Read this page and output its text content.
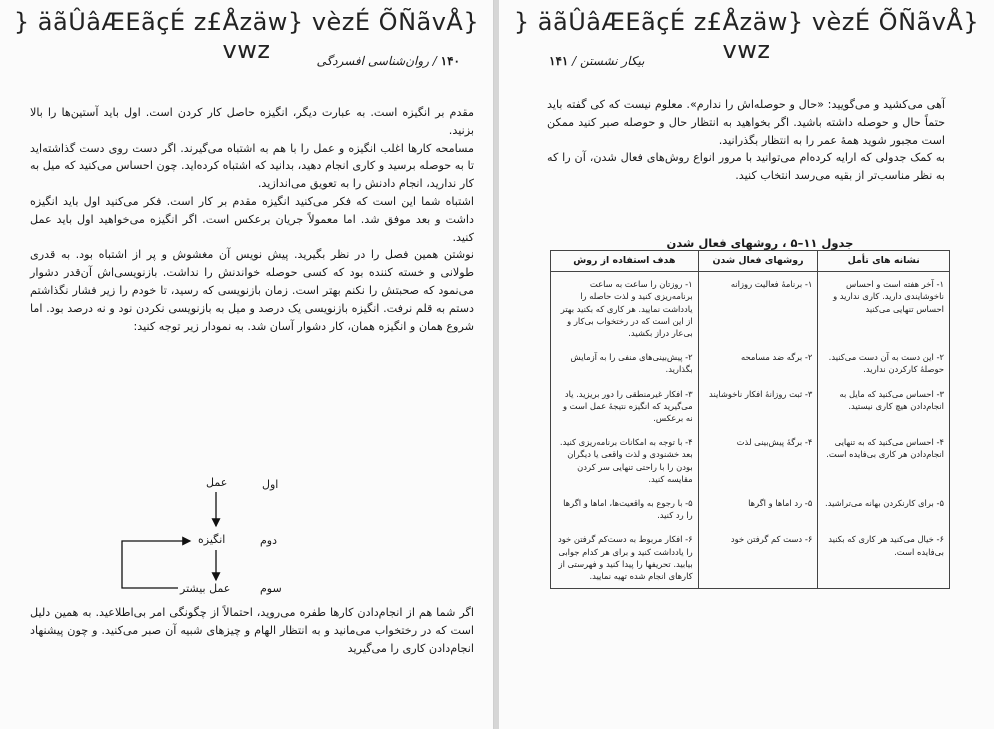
} äãÛâÆEãçÉ z£Åzäw} vèzÉ ÕÑãvÅ} vwz	۱۴۰ / روان‌شناسی افسردگی

مقدم بر انگیزه است. به عبارت دیگر، انگیزه حاصل کار کردن است. اول باید آستین‌ها را بالا بزنید.

مسامحه کارها اغلب انگیزه و عمل را با هم به اشتباه می‌گیرند. اگر دست روی دست گذاشته‌اید تا به حوصله برسید و کاری انجام دهید، بدانید که اشتباه کرده‌اید. چون احساس می‌کنید که میل به کار ندارید، انجام دادنش را به تعویق می‌اندازید.

اشتباه شما این است که فکر می‌کنید انگیزه مقدم بر کار است. فکر می‌کنید اول باید انگیزه داشت و بعد موفق شد. اما معمولاً جریان برعکس است. اگر انگیزه می‌خواهید اول باید عمل کنید.

نوشتن همین فصل را در نظر بگیرید. پیش نویس آن مغشوش و پر از اشتباه بود. به قدری طولانی و خسته کننده بود که کسی حوصله خواندنش را نداشت. بازنویسی‌اش آن‌قدر دشوار می‌نمود که صحبتش را نکنم بهتر است. زمان بازنویسی که رسید، تا خودم را زیر فشار نگذاشتم دستم به قلم نرفت. انگیزه بازنویسی یک درصد و میل به بازنویسی نکردن نود و نه درصد بود. اما شروع همان و انگیزه همان، کار دشوار آسان شد. به نمودار زیر توجه کنید:

عمل
انگیزه
عمل بیشتر
اول
دوم
سوم

اگر شما هم از انجام‌دادن کارها طفره می‌روید، احتمالاً از چگونگی امر بی‌اطلاعید. به همین دلیل است که در رختخواب می‌مانید و به انتظار الهام و چیزهای شبیه آن صبر می‌کنید. و چون پیشنهاد انجام‌دادن کاری را می‌گیرید

} äãÛâÆEãçÉ z£Åzäw} vèzÉ ÕÑãvÅ} vwz
بیکار نشستن / ۱۴۱

آهی می‌کشید و می‌گویید: «حال و حوصله‌اش را ندارم». معلوم نیست که کی گفته باید حتماً حال و حوصله داشته باشید. اگر بخواهید به انتظار حال و حوصله صبر کنید ممکن است مجبور شوید همهٔ عمر را به انتظار بگذرانید.

به کمک جدولی که ارایه کرده‌ام می‌توانید با مرور انواع روش‌های فعال شدن، آن را که به نظر مناسب‌تر از بقیه می‌رسد انتخاب کنید.

جدول ۱۱–۵ ، روشهای فعال شدن
نشانه های تأمل	روشهای فعال شدن	هدف استفاده از روش
۱- آخر هفته است و احساس ناخوشایندی دارید. کاری ندارید و احساس تنهایی می‌کنید	۱- برنامهٔ فعالیت روزانه	۱- روزتان را ساعت به ساعت برنامه‌ریزی کنید و لذت حاصله را یادداشت نمایید. هر کاری که بکنید بهتر از این است که در رختخواب بی‌کار و بی‌عار دراز بکشید.
۲- این دست به آن دست می‌کنید. حوصلهٔ کارکردن ندارید.	۲- برگه ضد مسامحه	۲- پیش‌بینی‌های منفی را به آزمایش بگذارید.
۳- احساس می‌کنید که مایل به انجام‌دادن هیچ کاری نیستید.	۳- ثبت روزانهٔ افکار ناخوشایند	۳- افکار غیرمنطقی را دور بریزید. یاد می‌گیرید که انگیزه نتیجهٔ عمل است و نه برعکس.
۴- احساس می‌کنید که به تنهایی انجام‌دادن هر کاری بی‌فایده است.	۴- برگهٔ پیش‌بینی لذت	۴- با توجه به امکانات برنامه‌ریزی کنید. بعد خشنودی و لذت واقعی یا دیگران بودن را با راحتی تنهایی سر کردن مقایسه کنید.
۵- برای کارنکردن بهانه می‌تراشید.	۵- رد اماها و اگرها	۵- با رجوع به واقعیت‌ها، اماها و اگرها را رد کنید.
۶- خیال می‌کنید هر کاری که بکنید بی‌فایده است.	۶- دست کم گرفتن خود	۶- افکار مربوط به دست‌کم گرفتن خود را یادداشت کنید و برای هر کدام جوابی بیابید. تحریفها را پیدا کنید و فهرستی از کارهای انجام شده تهیه نمایید.
